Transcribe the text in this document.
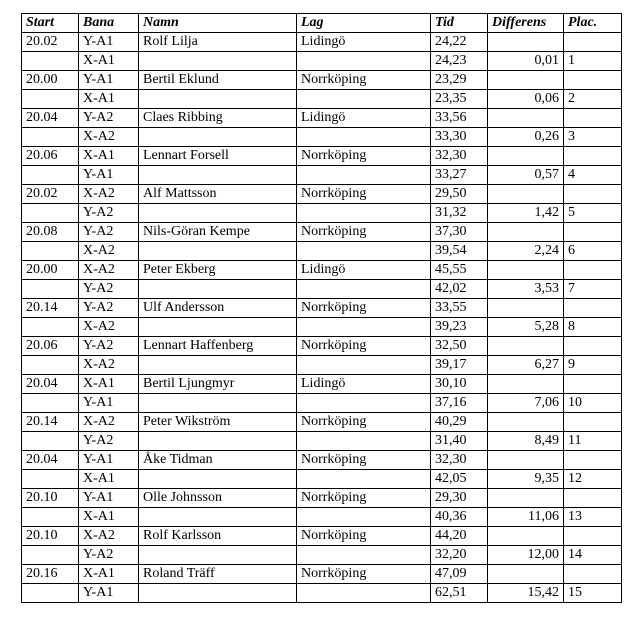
Start	Bana	Namn	Lag	Tid	Differens	Plac.
20.02	Y-A1	Rolf Lilja	Lidingö	24,22		
	X-A1			24,23	0,01	1
20.00	Y-A1	Bertil Eklund	Norrköping	23,29		
	X-A1			23,35	0,06	2
20.04	Y-A2	Claes Ribbing	Lidingö	33,56		
	X-A2			33,30	0,26	3
20.06	X-A1	Lennart Forsell	Norrköping	32,30		
	Y-A1			33,27	0,57	4
20.02	X-A2	Alf Mattsson	Norrköping	29,50		
	Y-A2			31,32	1,42	5
20.08	Y-A2	Nils-Göran Kempe	Norrköping	37,30		
	X-A2			39,54	2,24	6
20.00	X-A2	Peter Ekberg	Lidingö	45,55		
	Y-A2			42,02	3,53	7
20.14	Y-A2	Ulf Andersson	Norrköping	33,55		
	X-A2			39,23	5,28	8
20.06	Y-A2	Lennart Haffenberg	Norrköping	32,50		
	X-A2			39,17	6,27	9
20.04	X-A1	Bertil Ljungmyr	Lidingö	30,10		
	Y-A1			37,16	7,06	10
20.14	X-A2	Peter Wikström	Norrköping	40,29		
	Y-A2			31,40	8,49	11
20.04	Y-A1	Åke Tidman	Norrköping	32,30		
	X-A1			42,05	9,35	12
20.10	Y-A1	Olle Johnsson	Norrköping	29,30		
	X-A1			40,36	11,06	13
20.10	X-A2	Rolf Karlsson	Norrköping	44,20		
	Y-A2			32,20	12,00	14
20.16	X-A1	Roland Träff	Norrköping	47,09		
	Y-A1			62,51	15,42	15
